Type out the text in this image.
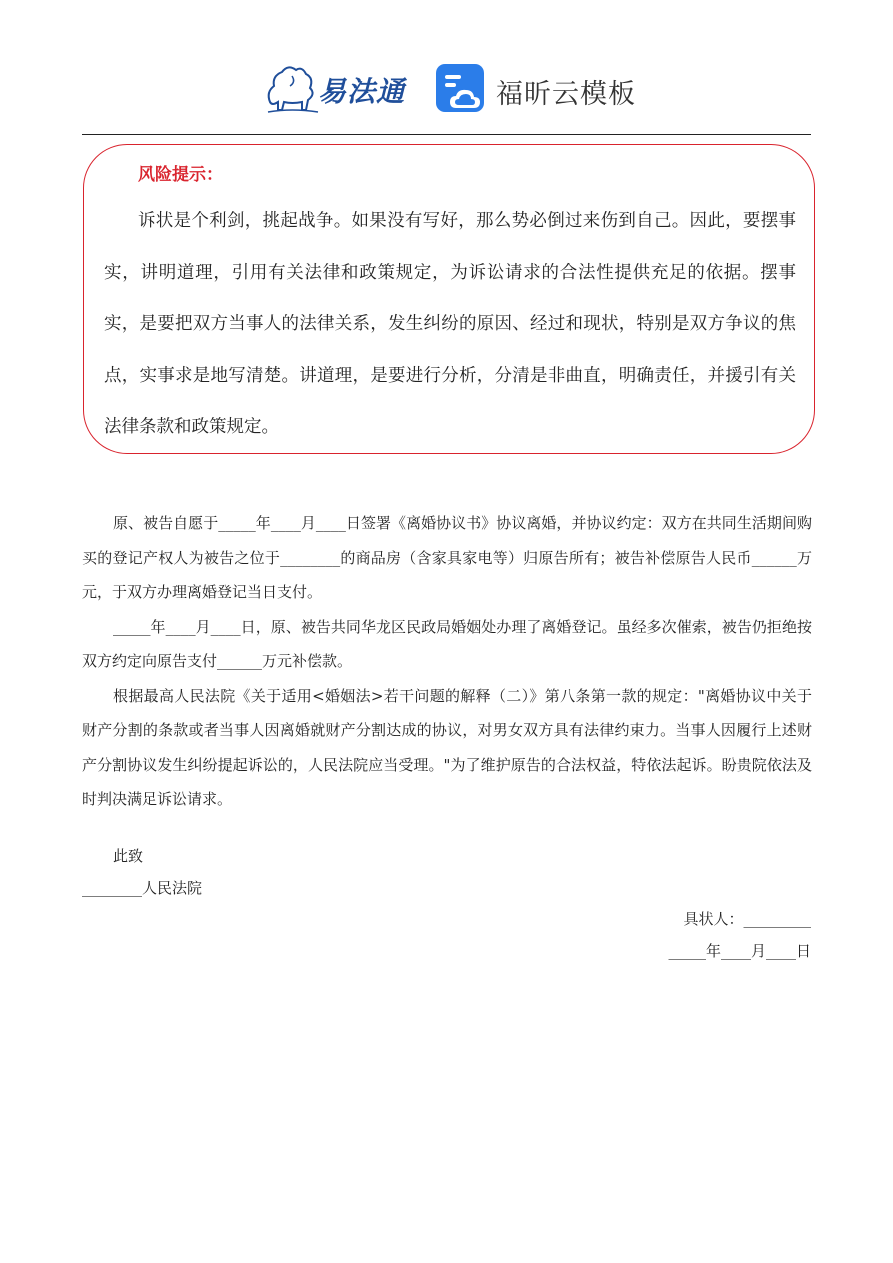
易法通	福昕云模板
风险提示：

诉状是个利剑，挑起战争。如果没有写好，那么势必倒过来伤到自己。因此，要摆事实，讲明道理，引用有关法律和政策规定，为诉讼请求的合法性提供充足的依据。摆事实，是要把双方当事人的法律关系，发生纠纷的原因、经过和现状，特别是双方争议的焦点，实事求是地写清楚。讲道理，是要进行分析，分清是非曲直，明确责任，并援引有关法律条款和政策规定。

原、被告自愿于_____年____月____日签署《离婚协议书》协议离婚，并协议约定：双方在共同生活期间购买的登记产权人为被告之位于________的商品房（含家具家电等）归原告所有；被告补偿原告人民币______万元，于双方办理离婚登记当日支付。

_____年____月____日，原、被告共同华龙区民政局婚姻处办理了离婚登记。虽经多次催索，被告仍拒绝按双方约定向原告支付______万元补偿款。

根据最高人民法院《关于适用<婚姻法>若干问题的解释（二）》第八条第一款的规定："离婚协议中关于财产分割的条款或者当事人因离婚就财产分割达成的协议，对男女双方具有法律约束力。当事人因履行上述财产分割协议发生纠纷提起诉讼的，人民法院应当受理。"为了维护原告的合法权益，特依法起诉。盼贵院依法及时判决满足诉讼请求。

此致
________人民法院
具状人：_________
_____年____月____日
